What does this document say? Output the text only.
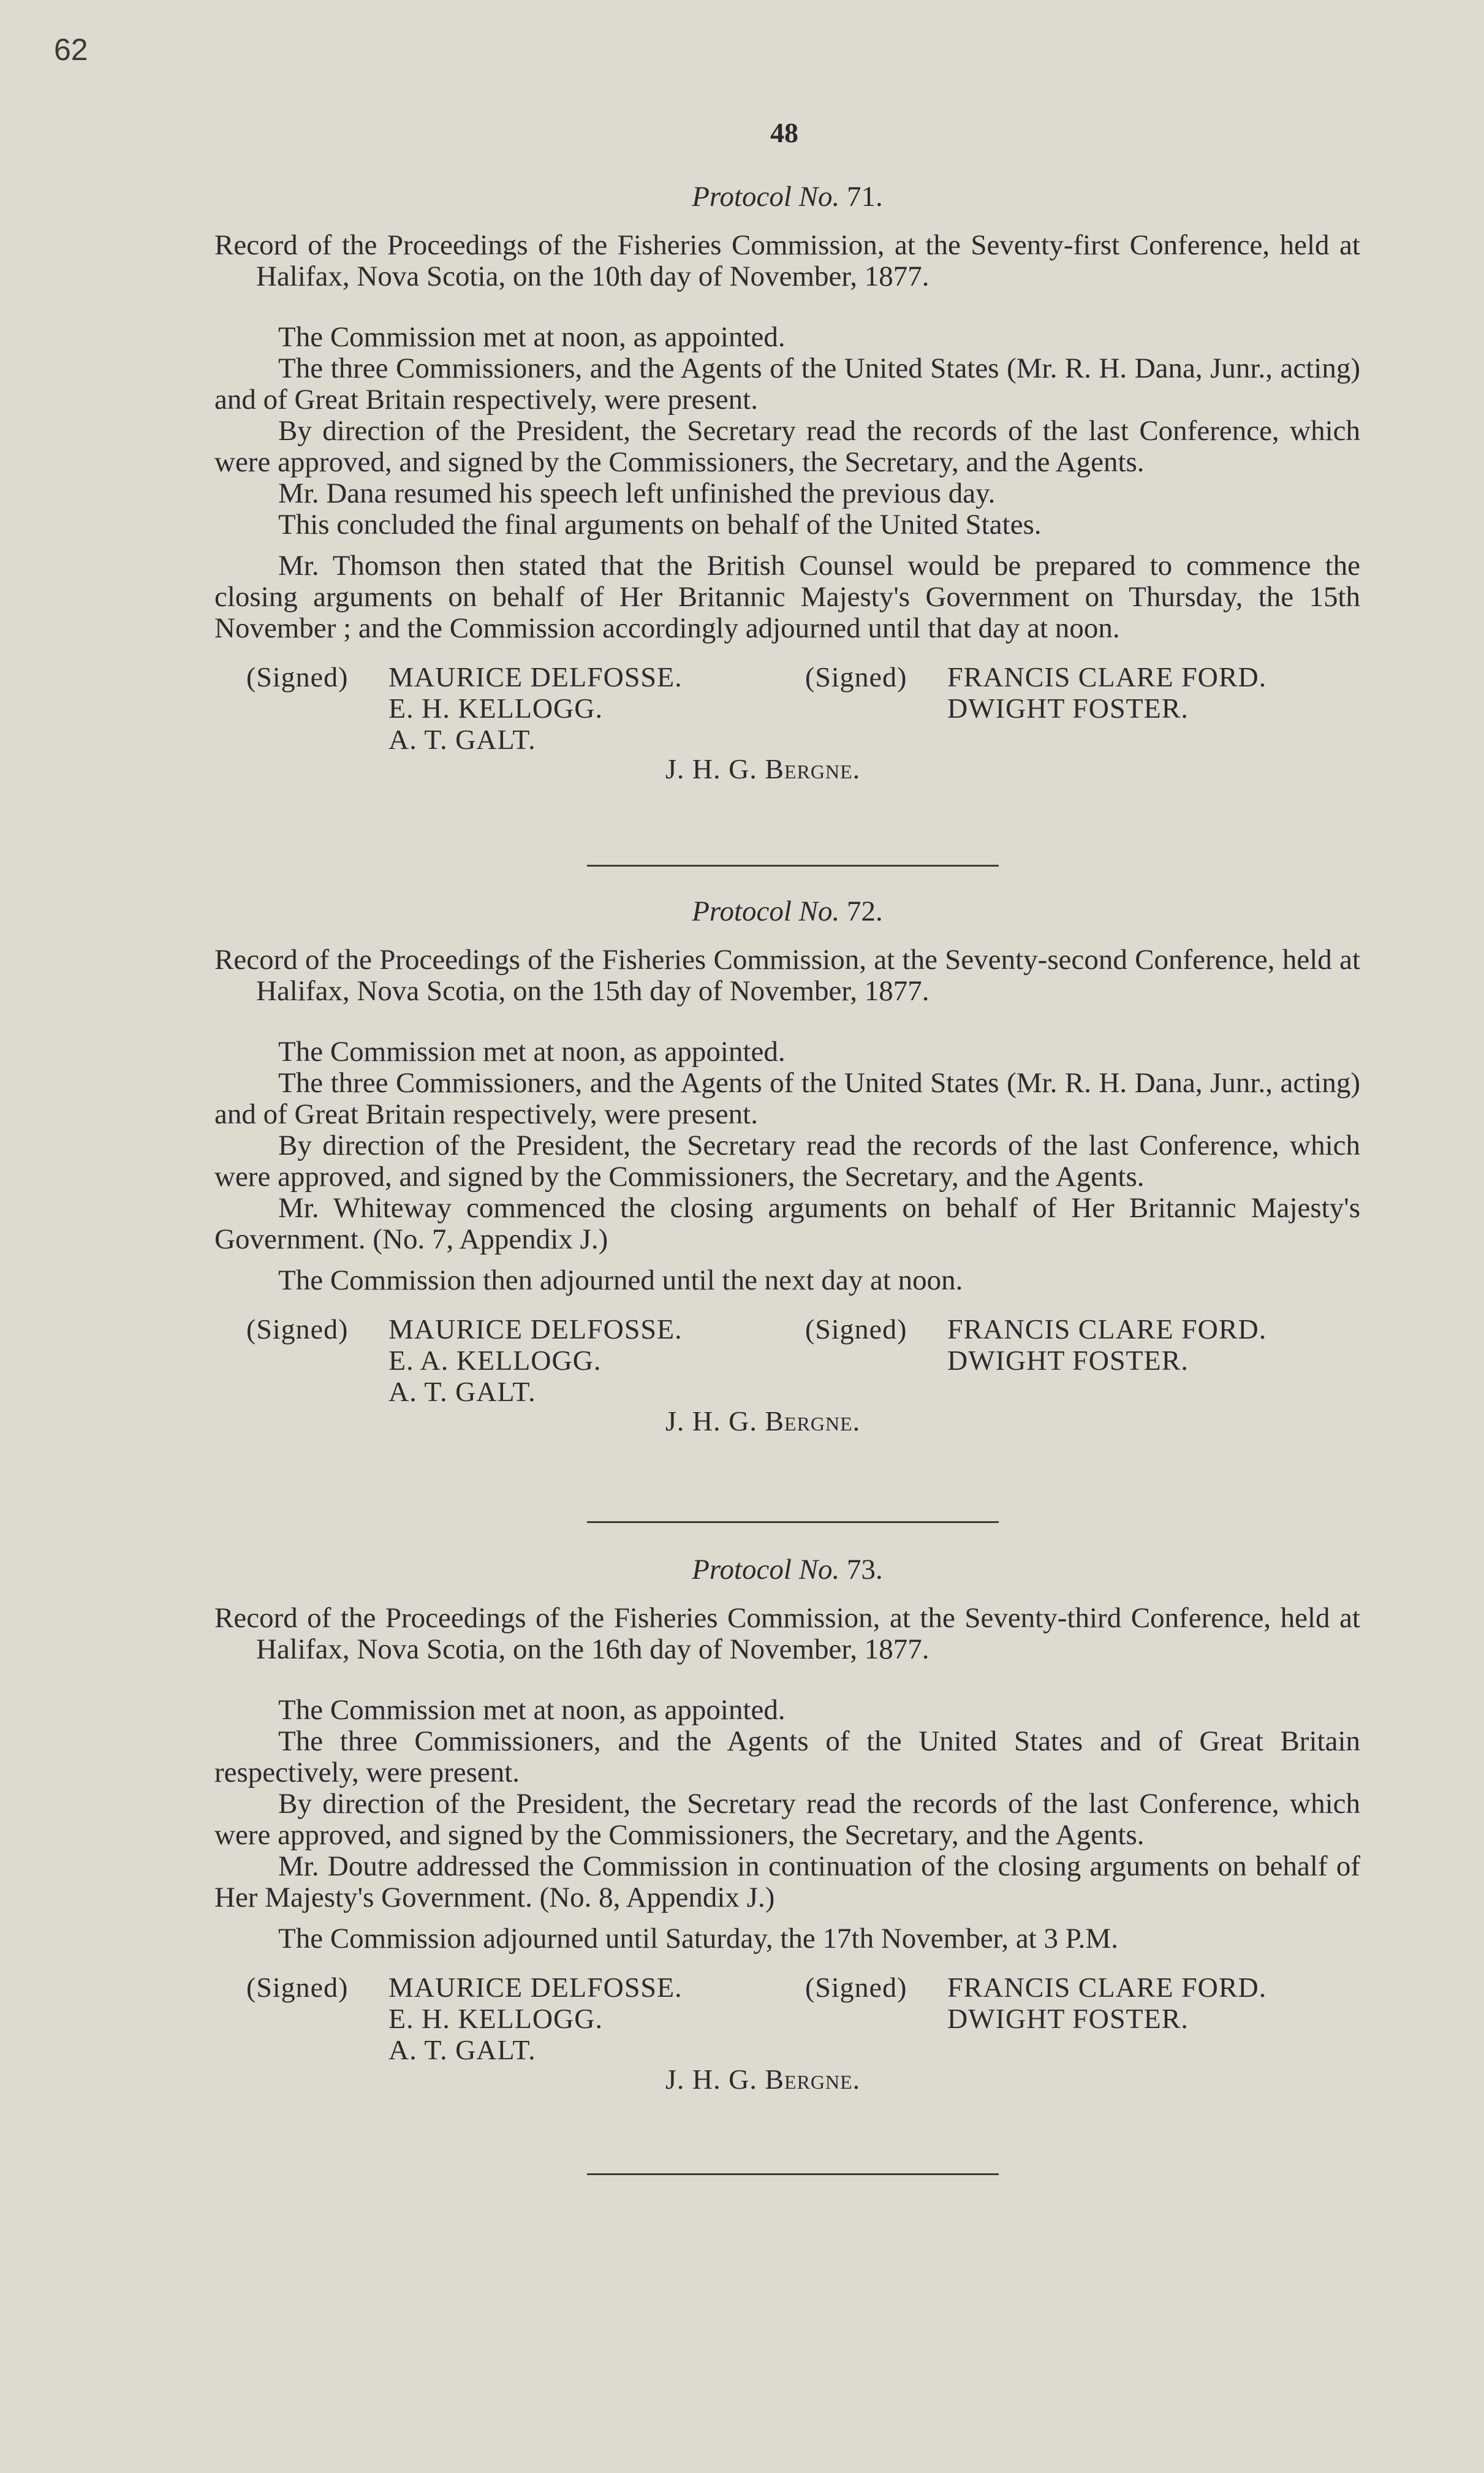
62
48
Protocol No. 71.

Record of the Proceedings of the Fisheries Commission, at the Seventy-first Conference, held at Halifax, Nova Scotia, on the 10th day of November, 1877.

The Commission met at noon, as appointed.

The three Commissioners, and the Agents of the United States (Mr. R. H. Dana, Junr., acting) and of Great Britain respectively, were present.

By direction of the President, the Secretary read the records of the last Conference, which were approved, and signed by the Commissioners, the Secretary, and the Agents.

Mr. Dana resumed his speech left unfinished the previous day.

This concluded the final arguments on behalf of the United States.

Mr. Thomson then stated that the British Counsel would be prepared to commence the closing arguments on behalf of Her Britannic Majesty's Government on Thursday, the 15th November ; and the Commission accordingly adjourned until that day at noon.

(Signed) MAURICE DELFOSSE.
E. H. KELLOGG.
A. T. GALT.
(Signed) FRANCIS CLARE FORD.
DWIGHT FOSTER.
J. H. G. Bergne.
Protocol No. 72.

Record of the Proceedings of the Fisheries Commission, at the Seventy-second Conference, held at Halifax, Nova Scotia, on the 15th day of November, 1877.

The Commission met at noon, as appointed.

The three Commissioners, and the Agents of the United States (Mr. R. H. Dana, Junr., acting) and of Great Britain respectively, were present.

By direction of the President, the Secretary read the records of the last Conference, which were approved, and signed by the Commissioners, the Secretary, and the Agents.

Mr. Whiteway commenced the closing arguments on behalf of Her Britannic Majesty's Government. (No. 7, Appendix J.)

The Commission then adjourned until the next day at noon.

(Signed) MAURICE DELFOSSE.
E. A. KELLOGG.
A. T. GALT.
(Signed) FRANCIS CLARE FORD.
DWIGHT FOSTER.
J. H. G. Bergne.
Protocol No. 73.

Record of the Proceedings of the Fisheries Commission, at the Seventy-third Conference, held at Halifax, Nova Scotia, on the 16th day of November, 1877.

The Commission met at noon, as appointed.

The three Commissioners, and the Agents of the United States and of Great Britain respectively, were present.

By direction of the President, the Secretary read the records of the last Conference, which were approved, and signed by the Commissioners, the Secretary, and the Agents.

Mr. Doutre addressed the Commission in continuation of the closing arguments on behalf of Her Majesty's Government. (No. 8, Appendix J.)

The Commission adjourned until Saturday, the 17th November, at 3 P.M.

(Signed) MAURICE DELFOSSE.
E. H. KELLOGG.
A. T. GALT.
(Signed) FRANCIS CLARE FORD.
DWIGHT FOSTER.
J. H. G. Bergne.
